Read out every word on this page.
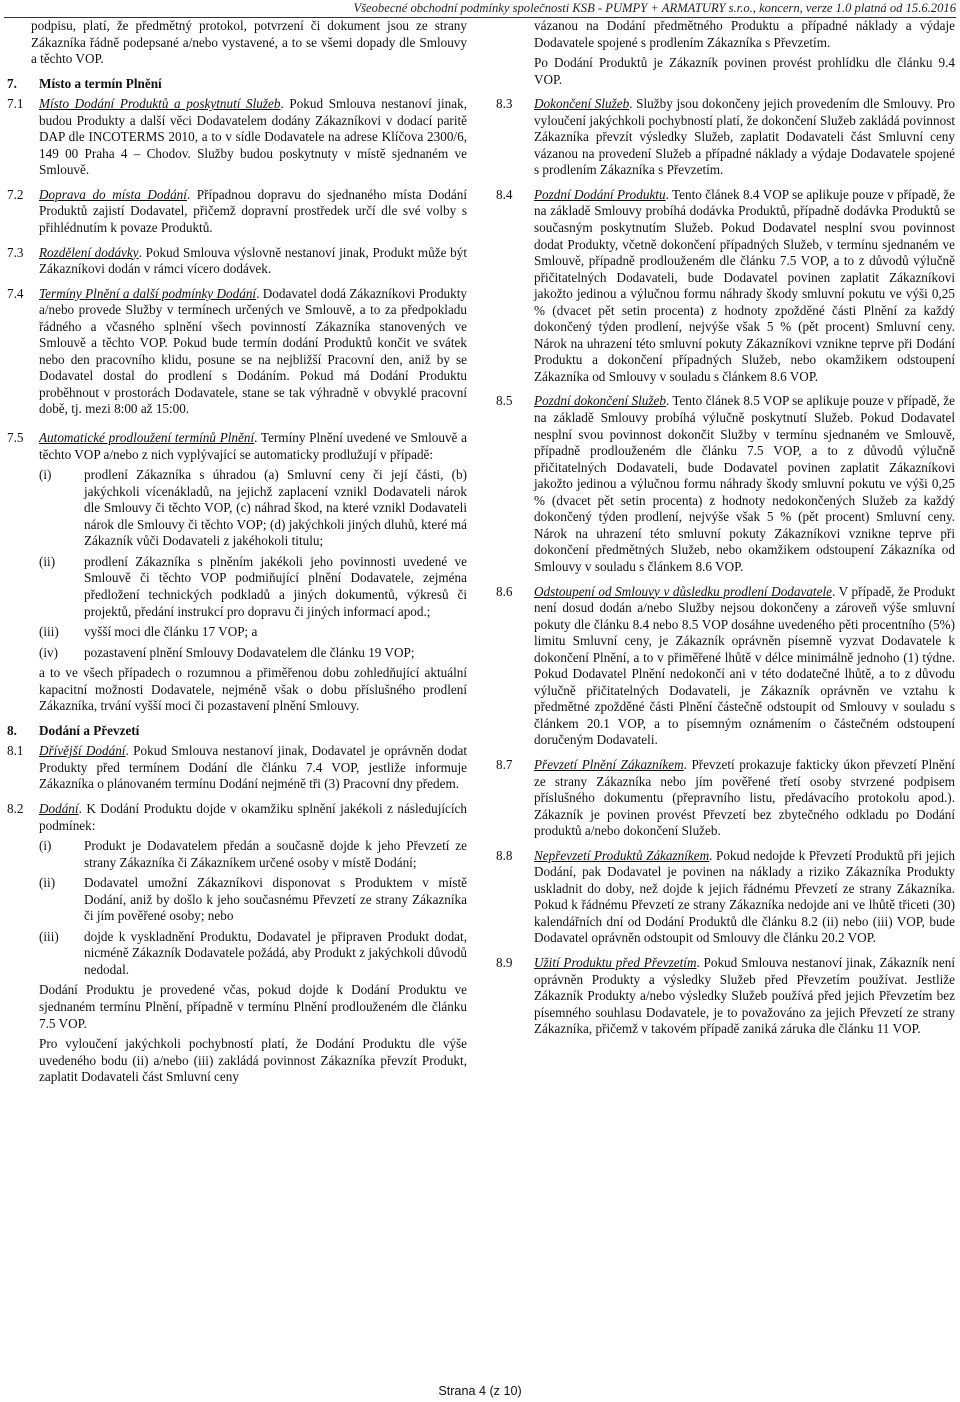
Všeobecné obchodní podmínky společnosti KSB - PUMPY + ARMATURY s.r.o., koncern, verze 1.0 platná od 15.6.2016
podpisu, platí, že předmětný protokol, potvrzení či dokument jsou ze strany Zákazníka řádně podepsané a/nebo vystavené, a to se všemi dopady dle Smlouvy a těchto VOP.
7. Místo a termín Plnění
7.1 Místo Dodání Produktů a poskytnutí Služeb. Pokud Smlouva nestanoví jinak, budou Produkty a další věci Dodavatelem dodány Zákazníkovi v dodací paritě DAP dle INCOTERMS 2010, a to v sídle Dodavatele na adrese Klíčova 2300/6, 149 00 Praha 4 – Chodov. Služby budou poskytnuty v místě sjednaném ve Smlouvě.
7.2 Doprava do místa Dodání. Případnou dopravu do sjednaného místa Dodání Produktů zajistí Dodavatel, přičemž dopravní prostředek určí dle své volby s přihlédnutím k povaze Produktů.
7.3 Rozdělení dodávky. Pokud Smlouva výslovně nestanoví jinak, Produkt může být Zákazníkovi dodán v rámci vícero dodávek.
7.4 Termíny Plnění a další podmínky Dodání. Dodavatel dodá Zákazníkovi Produkty a/nebo provede Služby v termínech určených ve Smlouvě, a to za předpokladu řádného a včasného splnění všech povinností Zákazníka stanovených ve Smlouvě a těchto VOP. Pokud bude termín dodání Produktů končit ve svátek nebo den pracovního klidu, posune se na nejbližší Pracovní den, aniž by se Dodavatel dostal do prodlení s Dodáním. Pokud má Dodání Produktu proběhnout v prostorách Dodavatele, stane se tak výhradně v obvyklé pracovní době, tj. mezi 8:00 až 15:00.
7.5 Automatické prodloužení termínů Plnění. Termíny Plnění uvedené ve Smlouvě a těchto VOP a/nebo z nich vyplývající se automaticky prodlužují v případě:
(i) prodlení Zákazníka s úhradou (a) Smluvní ceny či její části, (b) jakýchkoli vícenákladů, na jejichž zaplacení vznikl Dodavateli nárok dle Smlouvy či těchto VOP, (c) náhrad škod, na které vznikl Dodavateli nárok dle Smlouvy či těchto VOP; (d) jakýchkoli jiných dluhů, které má Zákazník vůči Dodavateli z jakéhokoli titulu;
(ii) prodlení Zákazníka s plněním jakékoli jeho povinnosti uvedené ve Smlouvě či těchto VOP podmiňující plnění Dodavatele, zejména předložení technických podkladů a jiných dokumentů, výkresů či projektů, předání instrukcí pro dopravu či jiných informací apod.;
(iii) vyšší moci dle článku 17 VOP; a
(iv) pozastavení plnění Smlouvy Dodavatelem dle článku 19 VOP;
a to ve všech případech o rozumnou a přiměřenou dobu zohledňující aktuální kapacitní možnosti Dodavatele, nejméně však o dobu příslušného prodlení Zákazníka, trvání vyšší moci či pozastavení plnění Smlouvy.
8. Dodání a Převzetí
8.1 Dřívější Dodání. Pokud Smlouva nestanoví jinak, Dodavatel je oprávněn dodat Produkty před termínem Dodání dle článku 7.4 VOP, jestliže informuje Zákazníka o plánovaném termínu Dodání nejméně tři (3) Pracovní dny předem.
8.2 Dodání. K Dodání Produktu dojde v okamžiku splnění jakékoli z následujících podmínek:
(i) Produkt je Dodavatelem předán a současně dojde k jeho Převzetí ze strany Zákazníka či Zákazníkem určené osoby v místě Dodání;
(ii) Dodavatel umožní Zákazníkovi disponovat s Produktem v místě Dodání, aniž by došlo k jeho současnému Převzetí ze strany Zákazníka či jím pověřené osoby; nebo
(iii) dojde k vyskladnění Produktu, Dodavatel je připraven Produkt dodat, nicméně Zákazník Dodavatele požádá, aby Produkt z jakýchkoli důvodů nedodal.
Dodání Produktu je provedené včas, pokud dojde k Dodání Produktu ve sjednaném termínu Plnění, případně v termínu Plnění prodlouženém dle článku 7.5 VOP.
Pro vyloučení jakýchkoli pochybností platí, že Dodání Produktu dle výše uvedeného bodu (ii) a/nebo (iii) zakládá povinnost Zákazníka převzít Produkt, zaplatit Dodavateli část Smluvní ceny
vázanou na Dodání předmětného Produktu a případné náklady a výdaje Dodavatele spojené s prodlením Zákazníka s Převzetím.
Po Dodání Produktů je Zákazník povinen provést prohlídku dle článku 9.4 VOP.
8.3 Dokončení Služeb. Služby jsou dokončeny jejich provedením dle Smlouvy. Pro vyloučení jakýchkoli pochybností platí, že dokončení Služeb zakládá povinnost Zákazníka převzít výsledky Služeb, zaplatit Dodavateli část Smluvní ceny vázanou na provedení Služeb a případné náklady a výdaje Dodavatele spojené s prodlením Zákazníka s Převzetím.
8.4 Pozdní Dodání Produktu. Tento článek 8.4 VOP se aplikuje pouze v případě, že na základě Smlouvy probíhá dodávka Produktů, případně dodávka Produktů se současným poskytnutím Služeb. Pokud Dodavatel nesplní svou povinnost dodat Produkty, včetně dokončení případných Služeb, v termínu sjednaném ve Smlouvě, případně prodlouženém dle článku 7.5 VOP, a to z důvodů výlučně přičitatelných Dodavateli, bude Dodavatel povinen zaplatit Zákazníkovi jakožto jedinou a výlučnou formu náhrady škody smluvní pokutu ve výši 0,25 % (dvacet pět setin procenta) z hodnoty zpožděné části Plnění za každý dokončený týden prodlení, nejvýše však 5 % (pět procent) Smluvní ceny. Nárok na uhrazení této smluvní pokuty Zákazníkovi vznikne teprve při Dodání Produktu a dokončení případných Služeb, nebo okamžikem odstoupení Zákazníka od Smlouvy v souladu s článkem 8.6 VOP.
8.5 Pozdní dokončení Služeb. Tento článek 8.5 VOP se aplikuje pouze v případě, že na základě Smlouvy probíhá výlučně poskytnutí Služeb. Pokud Dodavatel nesplní svou povinnost dokončit Služby v termínu sjednaném ve Smlouvě, případně prodlouženém dle článku 7.5 VOP, a to z důvodů výlučně přičitatelných Dodavateli, bude Dodavatel povinen zaplatit Zákazníkovi jakožto jedinou a výlučnou formu náhrady škody smluvní pokutu ve výši 0,25 % (dvacet pět setin procenta) z hodnoty nedokončených Služeb za každý dokončený týden prodlení, nejvýše však 5 % (pět procent) Smluvní ceny. Nárok na uhrazení této smluvní pokuty Zákazníkovi vznikne teprve při dokončení předmětných Služeb, nebo okamžikem odstoupení Zákazníka od Smlouvy v souladu s článkem 8.6 VOP.
8.6 Odstoupení od Smlouvy v důsledku prodlení Dodavatele. V případě, že Produkt není dosud dodán a/nebo Služby nejsou dokončeny a zároveň výše smluvní pokuty dle článku 8.4 nebo 8.5 VOP dosáhne uvedeného pěti procentního (5%) limitu Smluvní ceny, je Zákazník oprávněn písemně vyzvat Dodavatele k dokončení Plnění, a to v přiměřené lhůtě v délce minimálně jednoho (1) týdne. Pokud Dodavatel Plnění nedokončí ani v této dodatečné lhůtě, a to z důvodu výlučně přičitatelných Dodavateli, je Zákazník oprávněn ve vztahu k předmětné zpožděné části Plnění částečně odstoupit od Smlouvy v souladu s článkem 20.1 VOP, a to písemným oznámením o částečném odstoupení doručeným Dodavateli.
8.7 Převzetí Plnění Zákazníkem. Převzetí prokazuje fakticky úkon převzetí Plnění ze strany Zákazníka nebo jím pověřené třetí osoby stvrzené podpisem příslušného dokumentu (přepravního listu, předávacího protokolu apod.). Zákazník je povinen provést Převzetí bez zbytečného odkladu po Dodání produktů a/nebo dokončení Služeb.
8.8 Nepřevzetí Produktů Zákazníkem. Pokud nedojde k Převzetí Produktů při jejich Dodání, pak Dodavatel je povinen na náklady a riziko Zákazníka Produkty uskladnit do doby, než dojde k jejich řádnému Převzetí ze strany Zákazníka. Pokud k řádnému Převzetí ze strany Zákazníka nedojde ani ve lhůtě třiceti (30) kalendářních dní od Dodání Produktů dle článku 8.2 (ii) nebo (iii) VOP, bude Dodavatel oprávněn odstoupit od Smlouvy dle článku 20.2 VOP.
8.9 Užití Produktu před Převzetím. Pokud Smlouva nestanoví jinak, Zákazník není oprávněn Produkty a výsledky Služeb před Převzetím používat. Jestliže Zákazník Produkty a/nebo výsledky Služeb používá před jejich Převzetím bez písemného souhlasu Dodavatele, je to považováno za jejich Převzetí ze strany Zákazníka, přičemž v takovém případě zaniká záruka dle článku 11 VOP.
Strana 4 (z 10)
